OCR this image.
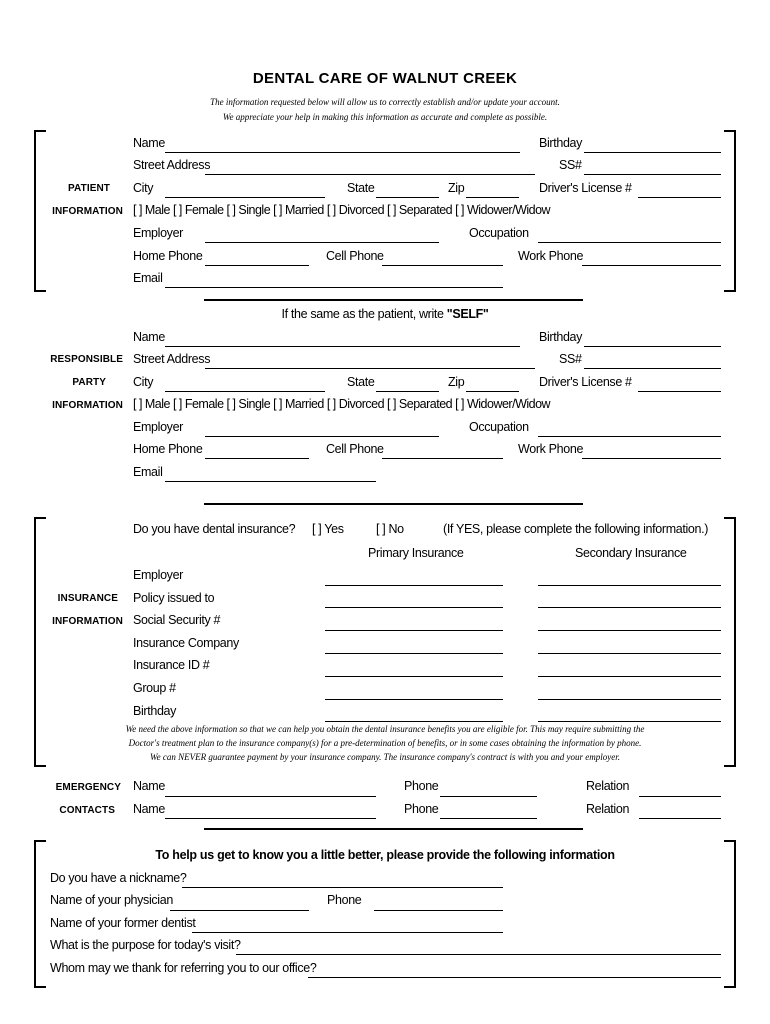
DENTAL CARE OF WALNUT CREEK
The information requested below will allow us to correctly establish and/or update your account.
We appreciate your help in making this information as accurate and complete as possible.
PATIENT
INFORMATION
Name	Birthday
Street Address	SS#
City	State	Zip	Driver's License #
[ ] Male [ ] Female [ ] Single [ ] Married [ ] Divorced [ ] Separated [ ] Widower/Widow
Employer	Occupation
Home Phone	Cell Phone	Work Phone
Email
If the same as the patient, write "SELF"
RESPONSIBLE
PARTY
INFORMATION
Name	Birthday
Street Address	SS#
City	State	Zip	Driver's License #
[ ] Male [ ] Female [ ] Single [ ] Married [ ] Divorced [ ] Separated [ ] Widower/Widow
Employer	Occupation
Home Phone	Cell Phone	Work Phone
Email
Do you have dental insurance? [ ] Yes	[ ] No	(If YES, please complete the following information.)
Primary Insurance	Secondary Insurance
INSURANCE
INFORMATION
Employer
Policy issued to
Social Security #
Insurance Company
Insurance ID #
Group #
Birthday
We need the above information so that we can help you obtain the dental insurance benefits you are eligible for. This may require submitting the
Doctor's treatment plan to the insurance company(s) for a pre-determination of benefits, or in some cases obtaining the information by phone.
We can NEVER guarantee payment by your insurance company. The insurance company's contract is with you and your employer.
EMERGENCY
CONTACTS
Name	Phone	Relation
Name	Phone	Relation
To help us get to know you a little better, please provide the following information
Do you have a nickname?
Name of your physician	Phone
Name of your former dentist
What is the purpose for today's visit?
Whom may we thank for referring you to our office?
